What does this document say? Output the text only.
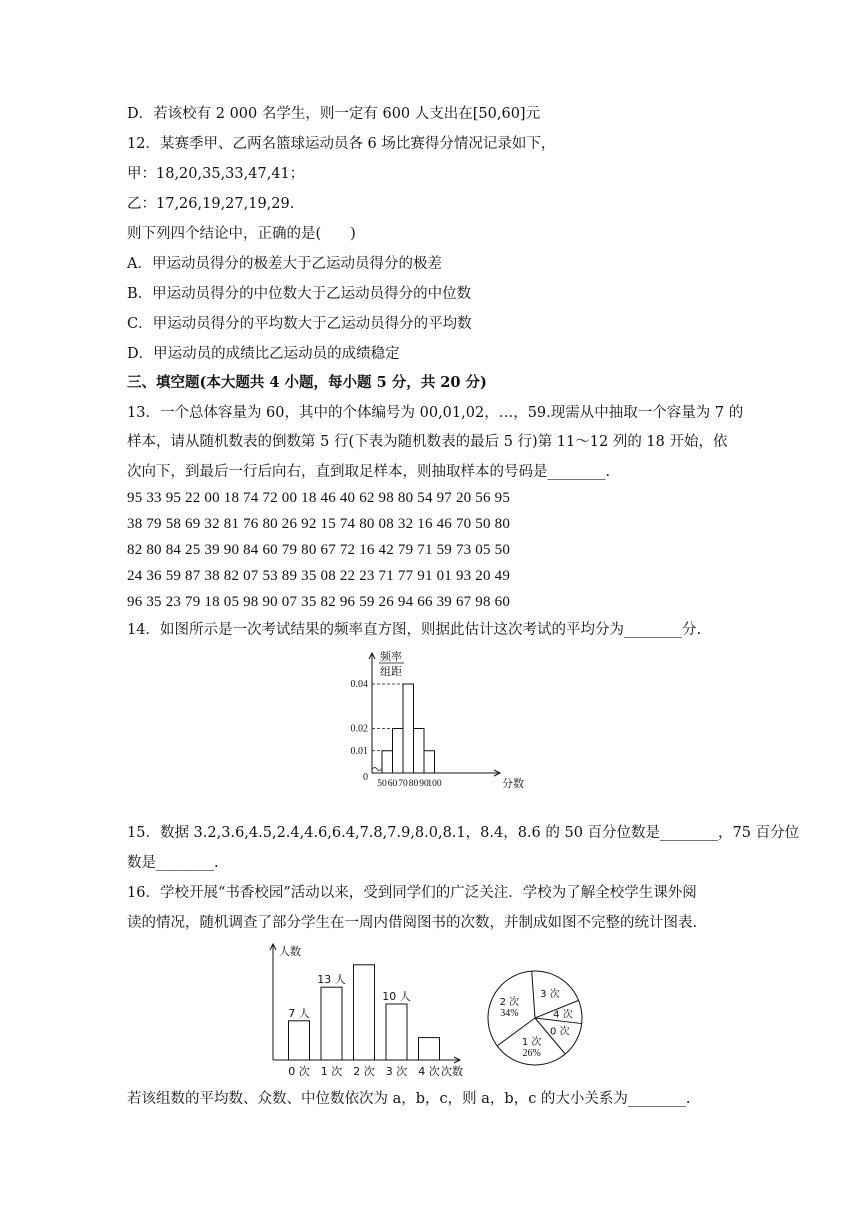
D．若该校有 2 000 名学生，则一定有 600 人支出在[50,60]元
12．某赛季甲、乙两名篮球运动员各 6 场比赛得分情况记录如下，
甲：18,20,35,33,47,41；
乙：17,26,19,27,19,29.
则下列四个结论中，正确的是(　　)
A．甲运动员得分的极差大于乙运动员得分的极差
B．甲运动员得分的中位数大于乙运动员得分的中位数
C．甲运动员得分的平均数大于乙运动员得分的平均数
D．甲运动员的成绩比乙运动员的成绩稳定
三、填空题(本大题共 4 小题，每小题 5 分，共 20 分)
13．一个总体容量为 60，其中的个体编号为 00,01,02，…，59.现需从中抽取一个容量为 7 的
样本，请从随机数表的倒数第 5 行(下表为随机数表的最后 5 行)第 11～12 列的 18 开始，依
次向下，到最后一行后向右，直到取足样本，则抽取样本的号码是________.
95 33 95 22 00 18 74 72 00 18 46 40 62 98 80 54 97 20 56 95
38 79 58 69 32 81 76 80 26 92 15 74 80 08 32 16 46 70 50 80
82 80 84 25 39 90 84 60 79 80 67 72 16 42 79 71 59 73 05 50
24 36 59 87 38 82 07 53 89 35 08 22 23 71 77 91 01 93 20 49
96 35 23 79 18 05 98 90 07 35 82 96 59 26 94 66 39 67 98 60
14．如图所示是一次考试结果的频率直方图，则据此估计这次考试的平均分为________分.
频率
组距
分数
0
0.01
0.02
0.04
50 60 70 80 90
100
15．数据 3.2,3.6,4.5,2.4,4.6,6.4,7.8,7.9,8.0,8.1，8.4，8.6 的 50 百分位数是________，75 百分位
数是________.
16．学校开展“书香校园”活动以来，受到同学们的广泛关注．学校为了解全校学生课外阅
读的情况，随机调查了部分学生在一周内借阅图书的次数，并制成如图不完整的统计图表.
人数
次数
7 人
0 次
13 人
1 次 2 次
10 人
3 次 4 次
1 次
26%
2 次
34%
3 次
4 次
0 次
若该组数的平均数、众数、中位数依次为 a，b，c，则 a，b，c 的大小关系为________.
